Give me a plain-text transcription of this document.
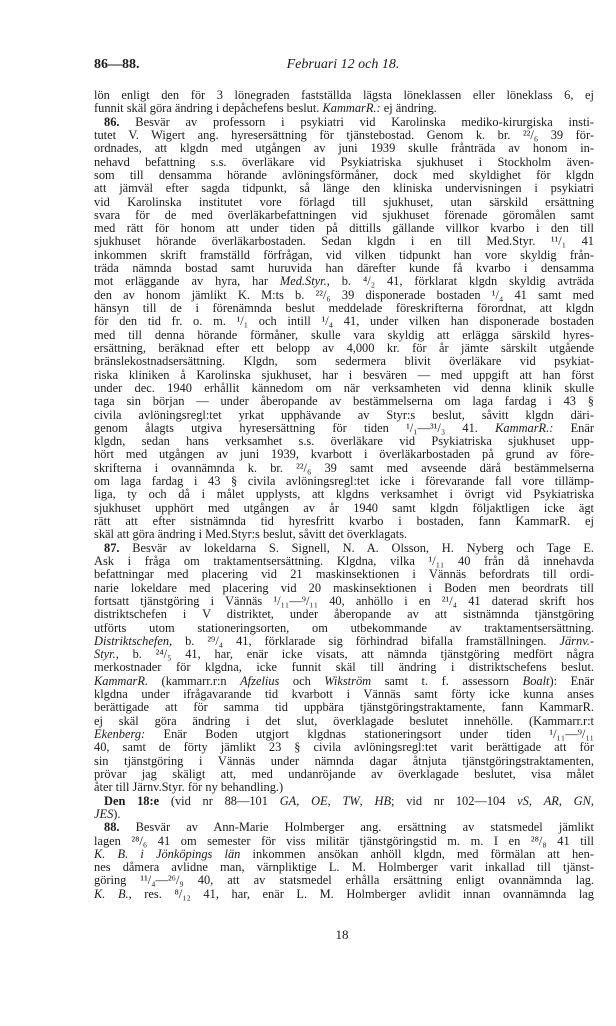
86—88.	Februari 12 och 18.
lön enligt den för 3 lönegraden fastställda lägsta löneklassen eller löneklass 6, ej
funnit skäl göra ändring i depåchefens beslut. KammarR.: ej ändring.
86. Besvär av professorn i psykiatri vid Karolinska mediko-kirurgiska insti-
tutet V. Wigert ang. hyresersättning för tjänstebostad. Genom k. br. ²²/₆ 39 för-
ordnades, att klgdn med utgången av juni 1939 skulle frånträda av honom in-
nehavd befattning s.s. överläkare vid Psykiatriska sjukhuset i Stockholm även-
som till densamma hörande avlöningsförmåner, dock med skyldighet för klgdn
att jämväl efter sagda tidpunkt, så länge den kliniska undervisningen i psykiatri
vid Karolinska institutet vore förlagd till sjukhuset, utan särskild ersättning
svara för de med överläkarbefattningen vid sjukhuset förenade göromålen samt
med rätt för honom att under tiden på dittills gällande villkor kvarbo i den till
sjukhuset hörande överläkarbostaden. Sedan klgdn i en till Med.Styr. ¹¹/₁ 41
inkommen skrift framställd förfrågan, vid vilken tidpunkt han vore skyldig från-
träda nämnda bostad samt huruvida han därefter kunde få kvarbo i densamma
mot erläggande av hyra, har Med.Styr., b. ⁴/₂ 41, förklarat klgdn skyldig avträda
den av honom jämlikt K. M:ts b. ²²/₆ 39 disponerade bostaden ¹/₄ 41 samt med
hänsyn till de i förenämnda beslut meddelade föreskrifterna förordnat, att klgdn
för den tid fr. o. m. ¹/₁ och intill ¹/₄ 41, under vilken han disponerade bostaden
med till denna hörande förmåner, skulle vara skyldig att erlägga särskild hyres-
ersättning, beräknad efter ett belopp av 4,000 kr. för år jämte särskilt utgående
bränslekostnadsersättning. Klgdn, som sedermera blivit överläkare vid psykiat-
riska kliniken å Karolinska sjukhuset, har i besvären — med uppgift att han först
under dec. 1940 erhållit kännedom om när verksamheten vid denna klinik skulle
taga sin början — under åberopande av bestämmelserna om laga fardag i 43 §
civila avlöningsregl:tet yrkat upphävande av Styr:s beslut, såvitt klgdn däri-
genom ålagts utgiva hyresersättning för tiden ¹/₁—³¹/₃ 41. KammarR.: Enär
klgdn, sedan hans verksamhet s.s. överläkare vid Psykiatriska sjukhuset upp-
hört med utgången av juni 1939, kvarbott i överläkarbostaden på grund av före-
skrifterna i ovannämnda k. br. ²²/₆ 39 samt med avseende därå bestämmelserna
om laga fardag i 43 § civila avlöningsregl:tet icke i förevarande fall vore tillämp-
liga, ty och då i målet upplysts, att klgdns verksamhet i övrigt vid Psykiatriska
sjukhuset upphört med utgången av år 1940 samt klgdn följaktligen icke ägt
rätt att efter sistnämnda tid hyresfritt kvarbo i bostaden, fann KammarR. ej
skäl att göra ändring i Med.Styr:s beslut, såvitt det överklagats.
87. Besvär av lokeldarna S. Signell, N. A. Olsson, H. Nyberg och Tage E.
Ask i fråga om traktamentsersättning. Klgdna, vilka ¹/₁₁ 40 från då innehavda
befattningar med placering vid 21 maskinsektionen i Vännäs befordrats till ordi-
narie lokeldare med placering vid 20 maskinsektionen i Boden men beordrats till
fortsatt tjänstgöring i Vännäs ¹/₁₁—⁹/₁₁ 40, anhöllo i en ²¹/₄ 41 daterad skrift hos
distriktschefen i V distriktet, under åberopande av att sistnämnda tjänstgöring
utförts utom stationeringsorten, om utbekommande av traktamentsersättning.
Distriktschefen, b. ²⁹/₄ 41, förklarade sig förhindrad bifalla framställningen. Järnv.-
Styr., b. ²⁴/₅ 41, har, enär icke visats, att nämnda tjänstgöring medfört några
merkostnader för klgdna, icke funnit skäl till ändring i distriktschefens beslut.
KammarR. (kammarr.r:n Afzelius och Wikström samt t. f. assessorn Boalt): Enär
klgdna under ifrågavarande tid kvarbott i Vännäs samt förty icke kunna anses
berättigade att för samma tid uppbära tjänstgöringstraktamente, fann KammarR.
ej skäl göra ändring i det slut, överklagade beslutet innehölle. (Kammarr.r:t
Ekenberg: Enär Boden utgjort klgdnas stationeringsort under tiden ¹/₁₁—⁹/₁₁
40, samt de förty jämlikt 23 § civila avlöningsregl:tet varit berättigade att för
sin tjänstgöring i Vännäs under nämnda dagar åtnjuta tjänstgöringstraktamenten,
prövar jag skäligt att, med undanröjande av överklagade beslutet, visa målet
åter till Järnv.Styr. för ny behandling.)
Den 18:e (vid nr 88—101 GA, OE, TW, HB; vid nr 102—104 vS, AR, GN,
JES).
88. Besvär av Ann-Marie Holmberger ang. ersättning av statsmedel jämlikt
lagen ²⁸/₆ 41 om semester för viss militär tjänstgöringstid m. m. I en ²⁸/₈ 41 till
K. B. i Jönköpings län inkommen ansökan anhöll klgdn, med förmälan att hen-
nes dåmera avlidne man, värnpliktige L. M. Holmberger varit inkallad till tjänst-
göring ¹¹/₄—²⁶/₉ 40, att av statsmedel erhålla ersättning enligt ovannämnda lag.
K. B., res. ⁸/₁₂ 41, har, enär L. M. Holmberger avlidit innan ovannämnda lag
18
